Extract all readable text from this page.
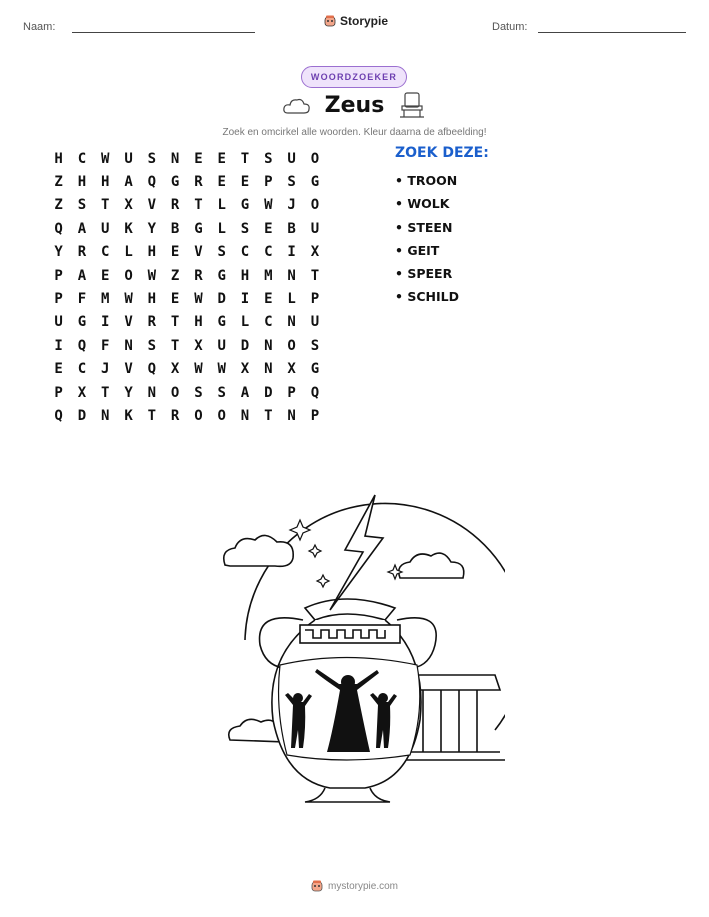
Naam:	Storypie	Datum:
WOORDZOEKER
Zeus
Zoek en omcirkel alle woorden. Kleur daarna de afbeelding!
H	C	W	U	S	N	E	E	T	S	U	O
Z	H	H	A	Q	G	R	E	E	P	S	G
Z	S	T	X	V	R	T	L	G	W	J	O
Q	A	U	K	Y	B	G	L	S	E	B	U
Y	R	C	L	H	E	V	S	C	C	I	X
P	A	E	O	W	Z	R	G	H	M	N	T
P	F	M	W	H	E	W	D	I	E	L	P
U	G	I	V	R	T	H	G	L	C	N	U
I	Q	F	N	S	T	X	U	D	N	O	S
E	C	J	V	Q	X	W	W	X	N	X	G
P	X	T	Y	N	O	S	S	A	D	P	Q
Q	D	N	K	T	R	O	O	N	T	N	P
ZOEK DEZE:
• TROON
• WOLK
• STEEN
• GEIT
• SPEER
• SCHILD
mystorypie.com
